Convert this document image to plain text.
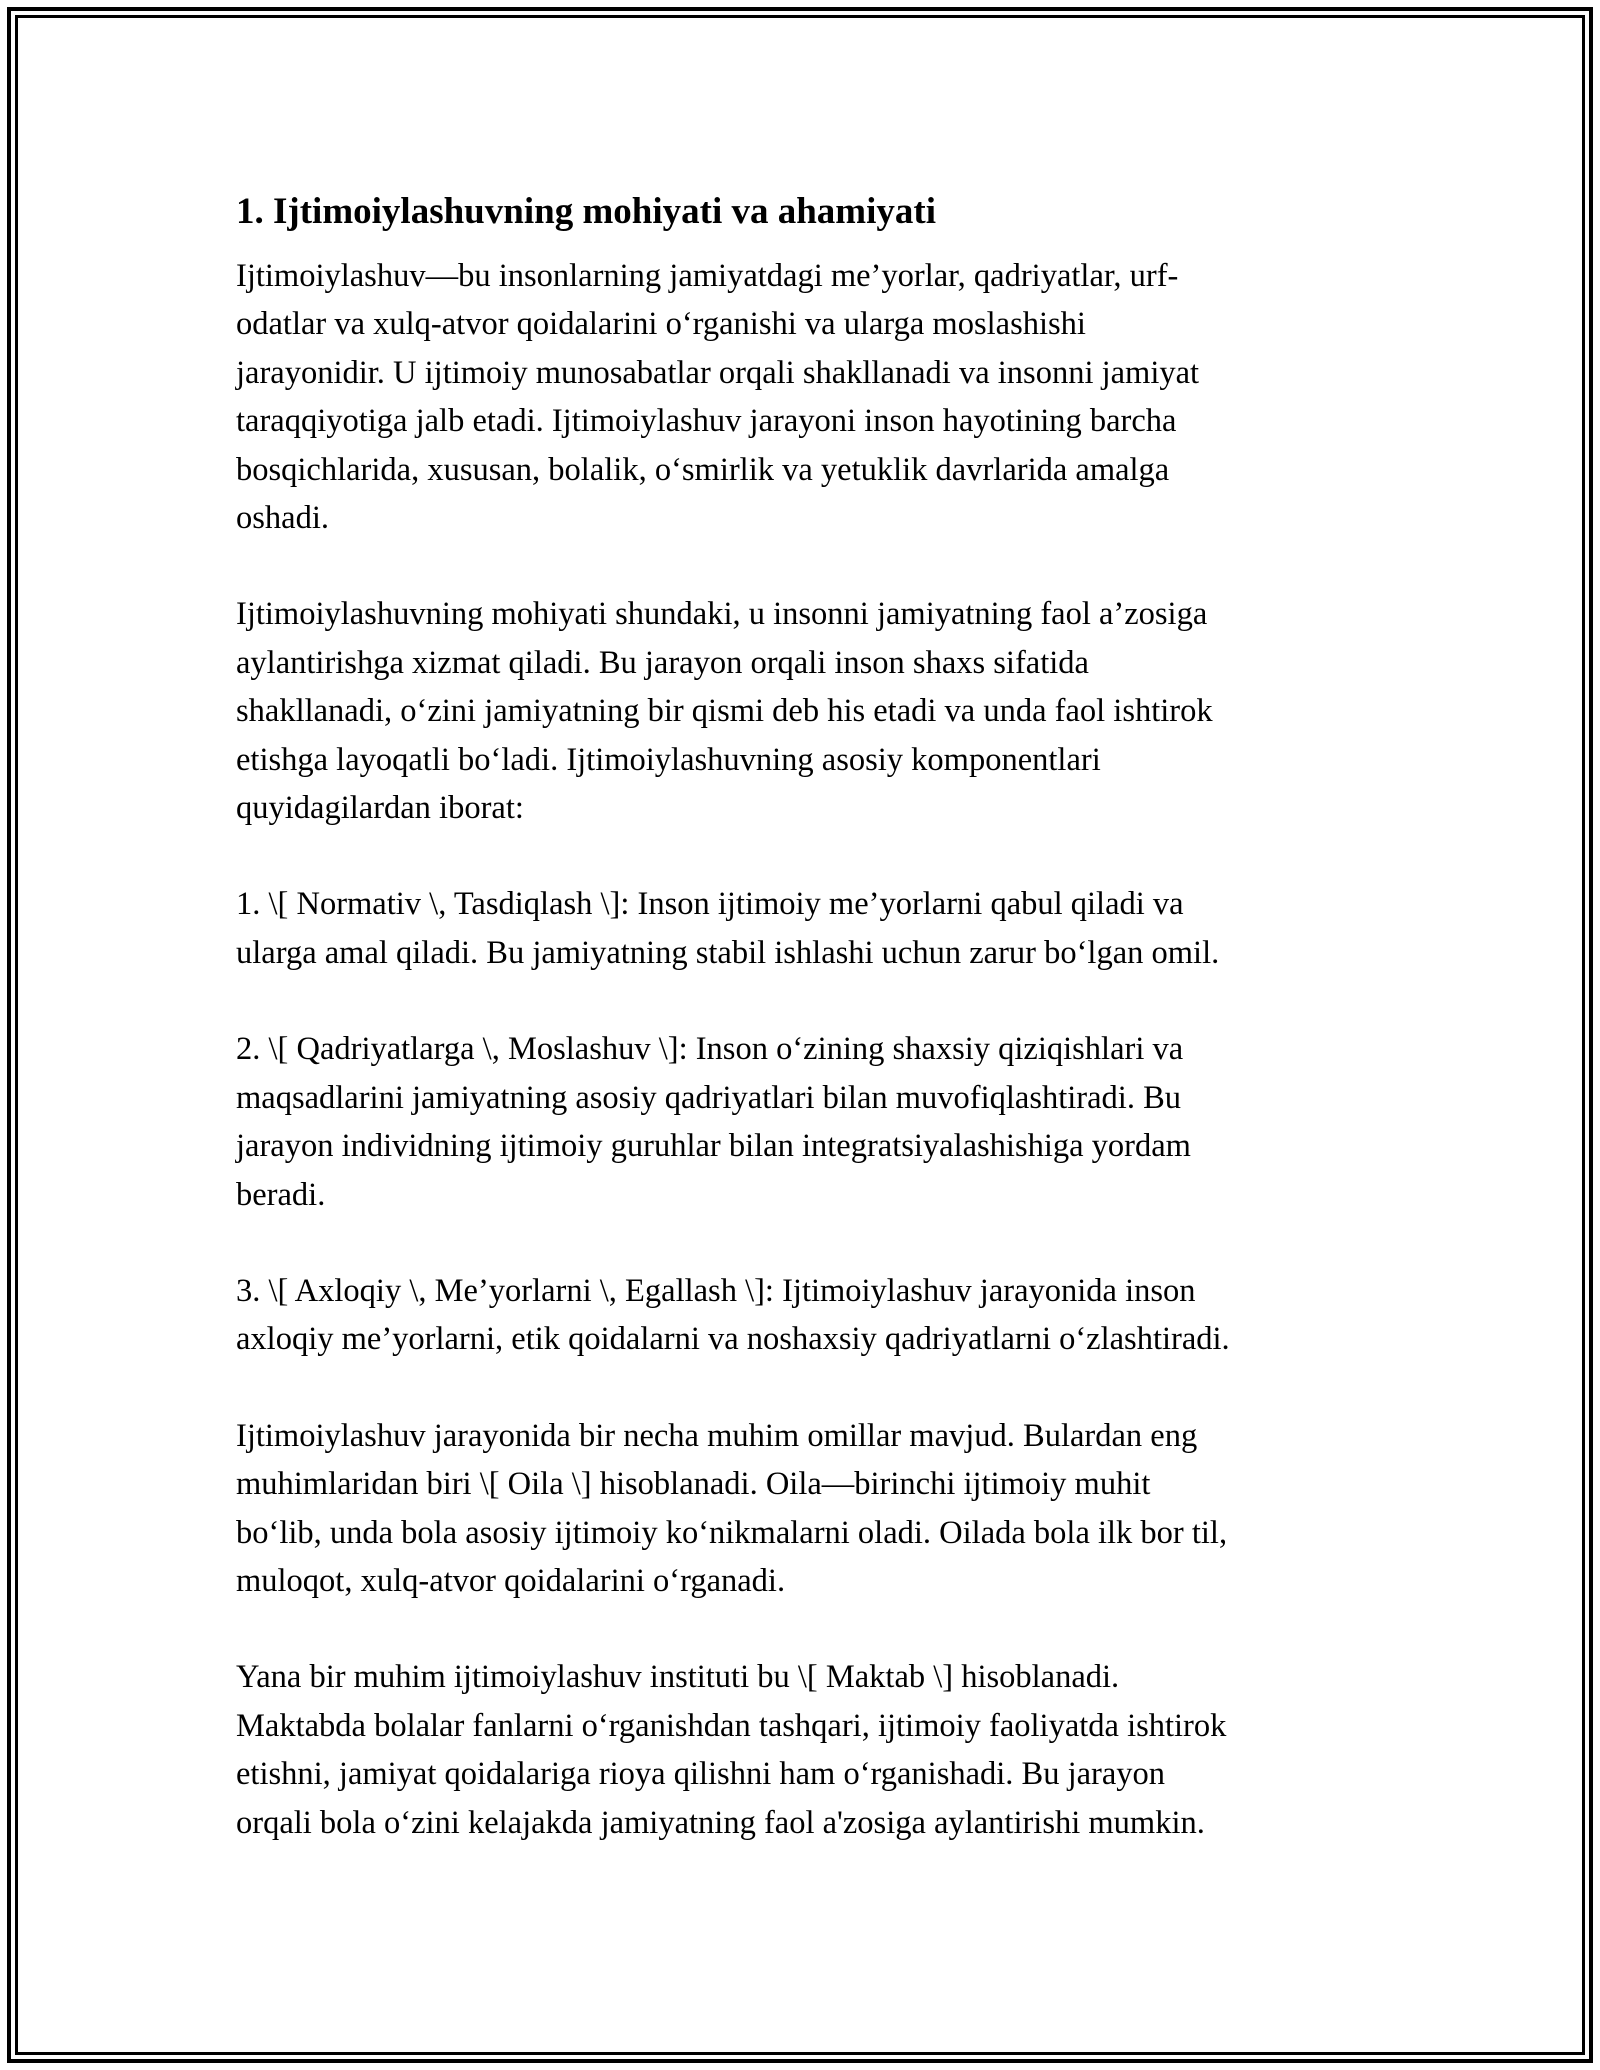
1. Ijtimoiylashuvning mohiyati va ahamiyati
Ijtimoiylashuv—bu insonlarning jamiyatdagi me’yorlar, qadriyatlar, urf-
odatlar va xulq-atvor qoidalarini o‘rganishi va ularga moslashishi
jarayonidir. U ijtimoiy munosabatlar orqali shakllanadi va insonni jamiyat
taraqqiyotiga jalb etadi. Ijtimoiylashuv jarayoni inson hayotining barcha
bosqichlarida, xususan, bolalik, o‘smirlik va yetuklik davrlarida amalga
oshadi.
Ijtimoiylashuvning mohiyati shundaki, u insonni jamiyatning faol a’zosiga
aylantirishga xizmat qiladi. Bu jarayon orqali inson shaxs sifatida
shakllanadi, o‘zini jamiyatning bir qismi deb his etadi va unda faol ishtirok
etishga layoqatli bo‘ladi. Ijtimoiylashuvning asosiy komponentlari
quyidagilardan iborat:
1. \[ Normativ \, Tasdiqlash \]: Inson ijtimoiy me’yorlarni qabul qiladi va
ularga amal qiladi. Bu jamiyatning stabil ishlashi uchun zarur bo‘lgan omil.
2. \[ Qadriyatlarga \, Moslashuv \]: Inson o‘zining shaxsiy qiziqishlari va
maqsadlarini jamiyatning asosiy qadriyatlari bilan muvofiqlashtiradi. Bu
jarayon individning ijtimoiy guruhlar bilan integratsiyalashishiga yordam
beradi.
3. \[ Axloqiy \, Me’yorlarni \, Egallash \]: Ijtimoiylashuv jarayonida inson
axloqiy me’yorlarni, etik qoidalarni va noshaxsiy qadriyatlarni o‘zlashtiradi.
Ijtimoiylashuv jarayonida bir necha muhim omillar mavjud. Bulardan eng
muhimlaridan biri \[ Oila \] hisoblanadi. Oila—birinchi ijtimoiy muhit
bo‘lib, unda bola asosiy ijtimoiy ko‘nikmalarni oladi. Oilada bola ilk bor til,
muloqot, xulq-atvor qoidalarini o‘rganadi.
Yana bir muhim ijtimoiylashuv instituti bu \[ Maktab \] hisoblanadi.
Maktabda bolalar fanlarni o‘rganishdan tashqari, ijtimoiy faoliyatda ishtirok
etishni, jamiyat qoidalariga rioya qilishni ham o‘rganishadi. Bu jarayon
orqali bola o‘zini kelajakda jamiyatning faol a'zosiga aylantirishi mumkin.
